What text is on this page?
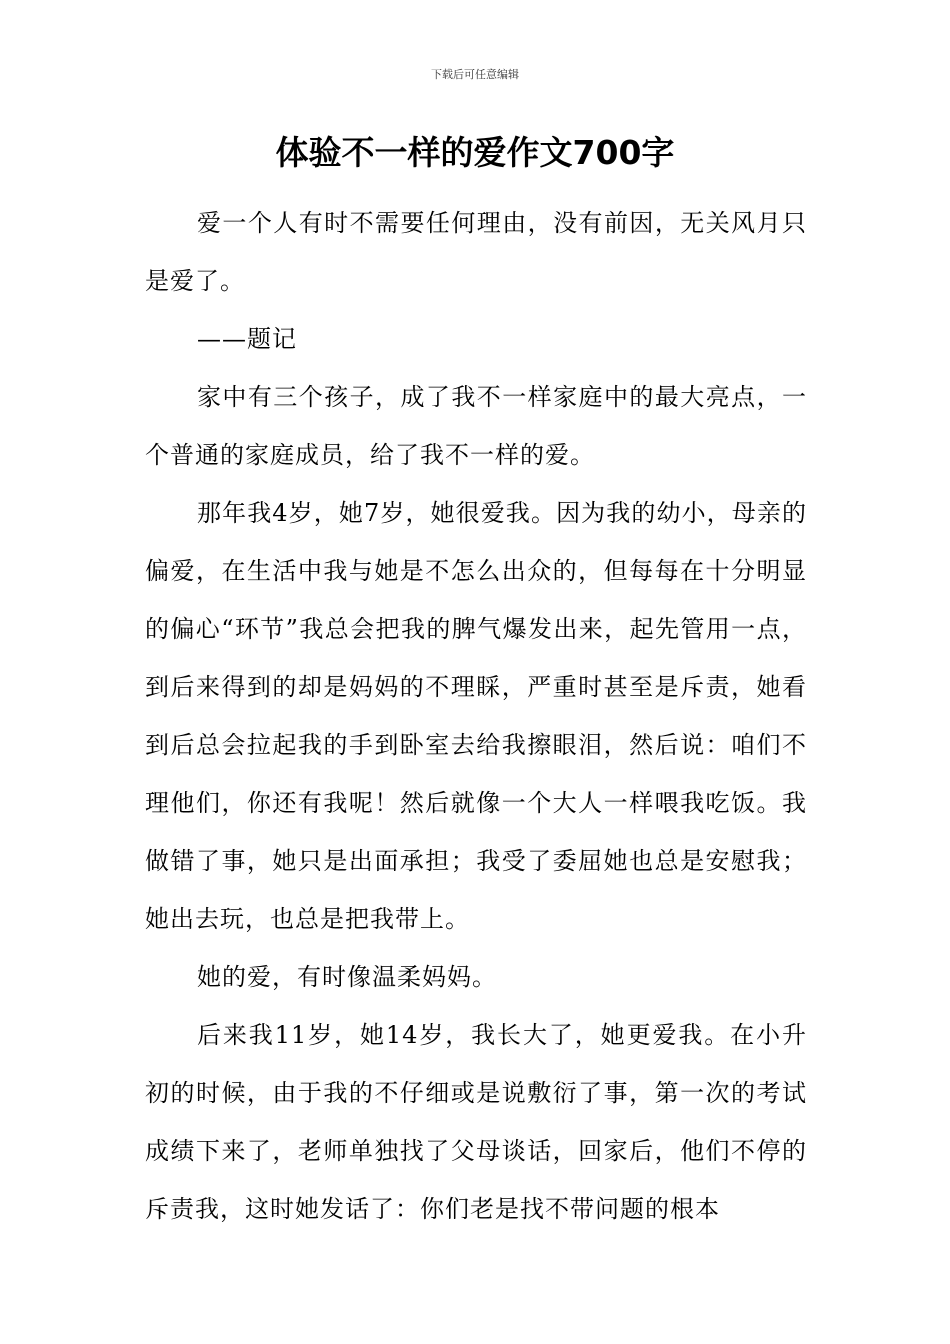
下载后可任意编辑
体验不一样的爱作文700字

爱一个人有时不需要任何理由，没有前因，无关风月只是爱了。

——题记

家中有三个孩子，成了我不一样家庭中的最大亮点，一个普通的家庭成员，给了我不一样的爱。

那年我4岁，她7岁，她很爱我。因为我的幼小，母亲的偏爱，在生活中我与她是不怎么出众的，但每每在十分明显的偏心“环节”我总会把我的脾气爆发出来，起先管用一点，到后来得到的却是妈妈的不理睬，严重时甚至是斥责，她看到后总会拉起我的手到卧室去给我擦眼泪，然后说：咱们不理他们，你还有我呢！然后就像一个大人一样喂我吃饭。我做错了事，她只是出面承担；我受了委屈她也总是安慰我；她出去玩，也总是把我带上。

她的爱，有时像温柔妈妈。

后来我11岁，她14岁，我长大了，她更爱我。在小升初的时候，由于我的不仔细或是说敷衍了事，第一次的考试成绩下来了，老师单独找了父母谈话，回家后，他们不停的斥责我，这时她发话了：你们老是找不带问题的根本
